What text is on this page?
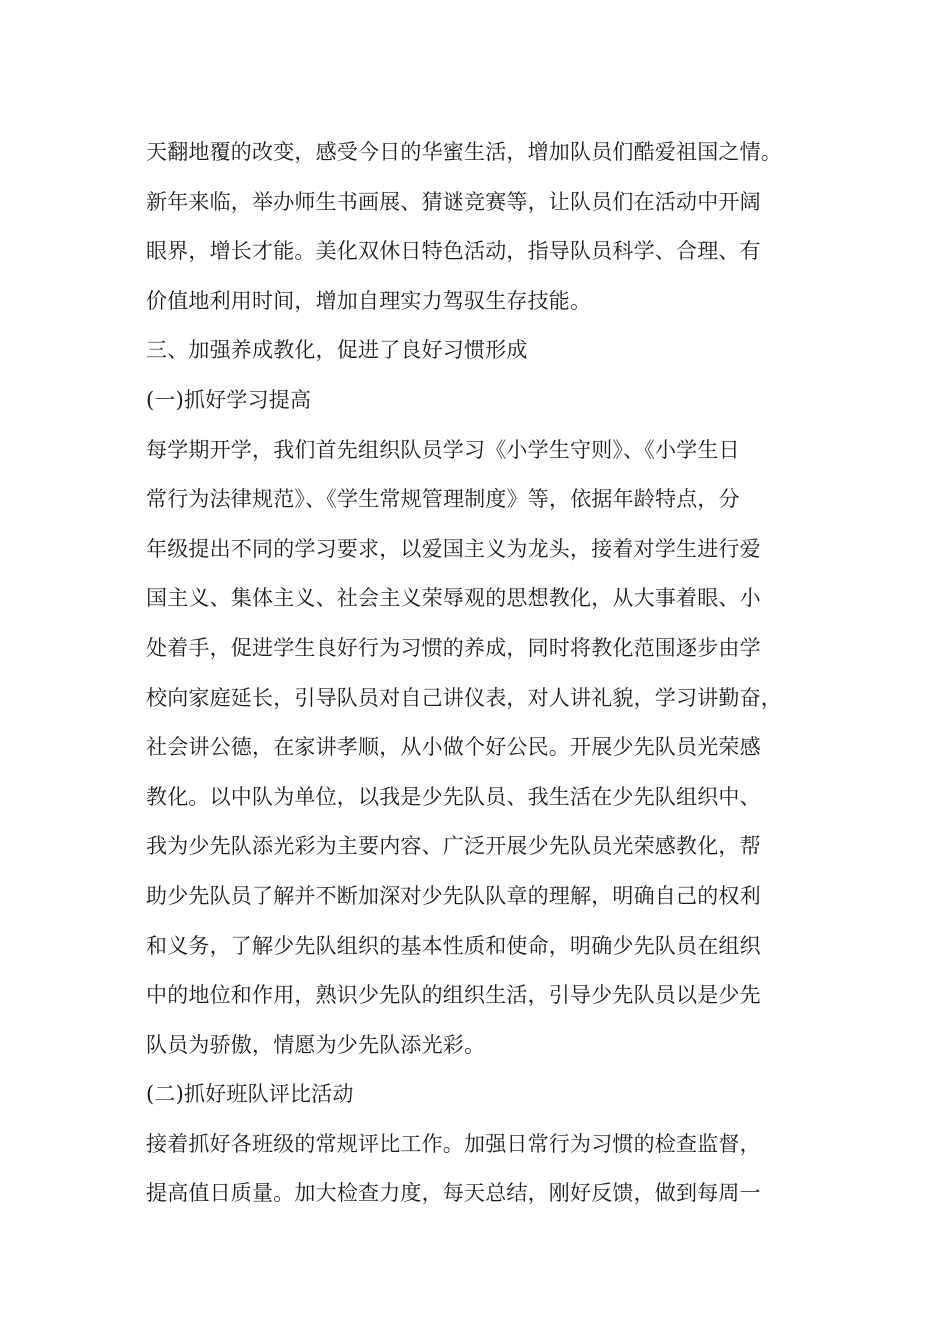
天翻地覆的改变，感受今日的华蜜生活，增加队员们酷爱祖国之情。
新年来临，举办师生书画展、猜谜竞赛等，让队员们在活动中开阔
眼界，增长才能。美化双休日特色活动，指导队员科学、合理、有
价值地利用时间，增加自理实力驾驭生存技能。
三、加强养成教化，促进了良好习惯形成
(一)抓好学习提高
每学期开学，我们首先组织队员学习《小学生守则》、《小学生日
常行为法律规范》、《学生常规管理制度》等，依据年龄特点，分
年级提出不同的学习要求，以爱国主义为龙头，接着对学生进行爱
国主义、集体主义、社会主义荣辱观的思想教化，从大事着眼、小
处着手，促进学生良好行为习惯的养成，同时将教化范围逐步由学
校向家庭延长，引导队员对自己讲仪表，对人讲礼貌，学习讲勤奋，
社会讲公德，在家讲孝顺，从小做个好公民。开展少先队员光荣感
教化。以中队为单位，以我是少先队员、我生活在少先队组织中、
我为少先队添光彩为主要内容、广泛开展少先队员光荣感教化，帮
助少先队员了解并不断加深对少先队队章的理解，明确自己的权利
和义务，了解少先队组织的基本性质和使命，明确少先队员在组织
中的地位和作用，熟识少先队的组织生活，引导少先队员以是少先
队员为骄傲，情愿为少先队添光彩。
(二)抓好班队评比活动
接着抓好各班级的常规评比工作。加强日常行为习惯的检查监督，
提高值日质量。加大检查力度，每天总结，刚好反馈，做到每周一
